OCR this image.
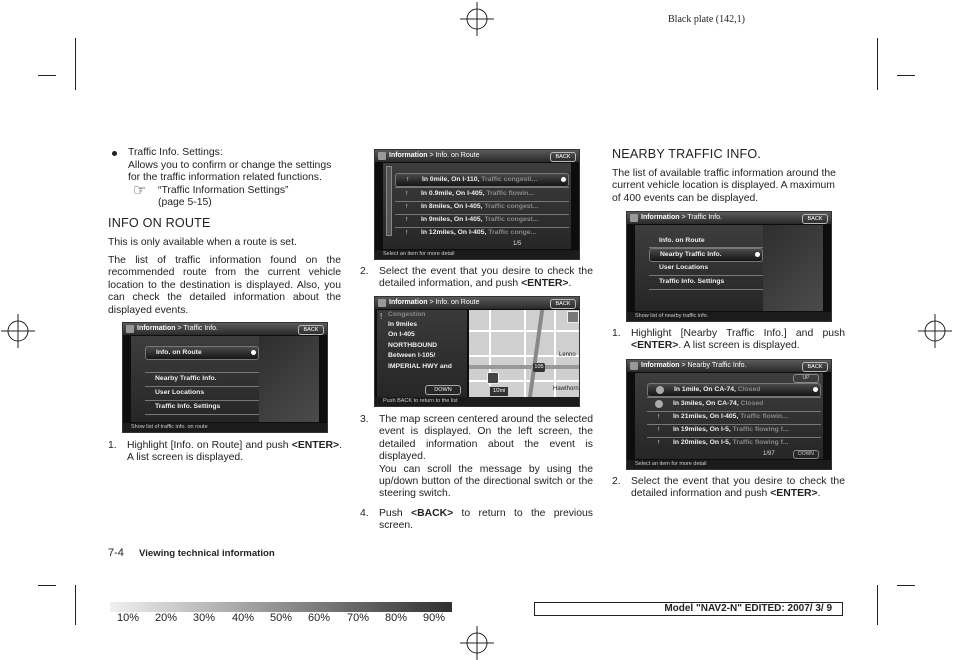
Black plate (142,1)
Traffic Info. Settings:
Allows you to confirm or change the settings for the traffic information related functions.
☞ “Traffic Information Settings”
(page 5-15)
INFO ON ROUTE
This is only available when a route is set.
The list of traffic information found on the recommended route from the current vehicle location to the destination is displayed. Also, you can check the detailed information about the displayed events.
Information > Traffic Info.	BACK
Info. on Route
Nearby Traffic Info.
User Locations
Traffic Info. Settings
Show list of traffic info. on route
1. Highlight [Info. on Route] and push <ENTER>. A list screen is displayed.
Information > Info. on Route	BACK
↑ In 0mile, On I-110, Traffic congesti...
↑ In 0.9mile, On I-405, Traffic flowin...
↑ In 8miles, On I-405, Traffic congest...
↑ In 9miles, On I-405, Traffic congest...
↑ In 12miles, On I-405, Traffic conge...
1/5
Select an item for more detail
2. Select the event that you desire to check the detailed information, and push <ENTER>.
Information > Info. on Route	BACK
! Congestion
In 9miles
On I-405
NORTHBOUND
Between I-105/
IMPERIAL HWY and
DOWN
Lenno
Hawthorn
105
1/2mi
Push BACK to return to the list
3. The map screen centered around the selected event is displayed. On the left screen, the detailed information about the event is displayed.
You can scroll the message by using the up/down button of the directional switch or the steering switch.
4. Push <BACK> to return to the previous screen.
NEARBY TRAFFIC INFO.
The list of available traffic information around the current vehicle location is displayed. A maximum of 400 events can be displayed.
Information > Traffic Info.	BACK
Info. on Route
Nearby Traffic Info.
User Locations
Traffic Info. Settings
Show list of nearby traffic info.
1. Highlight [Nearby Traffic Info.] and push <ENTER>. A list screen is displayed.
Information > Nearby Traffic Info.	BACK
UP
In 1mile, On CA-74, Closed
In 3miles, On CA-74, Closed
↑ In 21miles, On I-405, Traffic flowin...
↑ In 19miles, On I-5, Traffic flowing f...
↑ In 20miles, On I-5, Traffic flowing f...
1/97	DOWN
Select an item for more detail
2. Select the event that you desire to check the detailed information and push <ENTER>.
7-4 Viewing technical information
10% 20% 30% 40% 50% 60% 70% 80% 90%
Model "NAV2-N" EDITED: 2007/ 3/ 9
